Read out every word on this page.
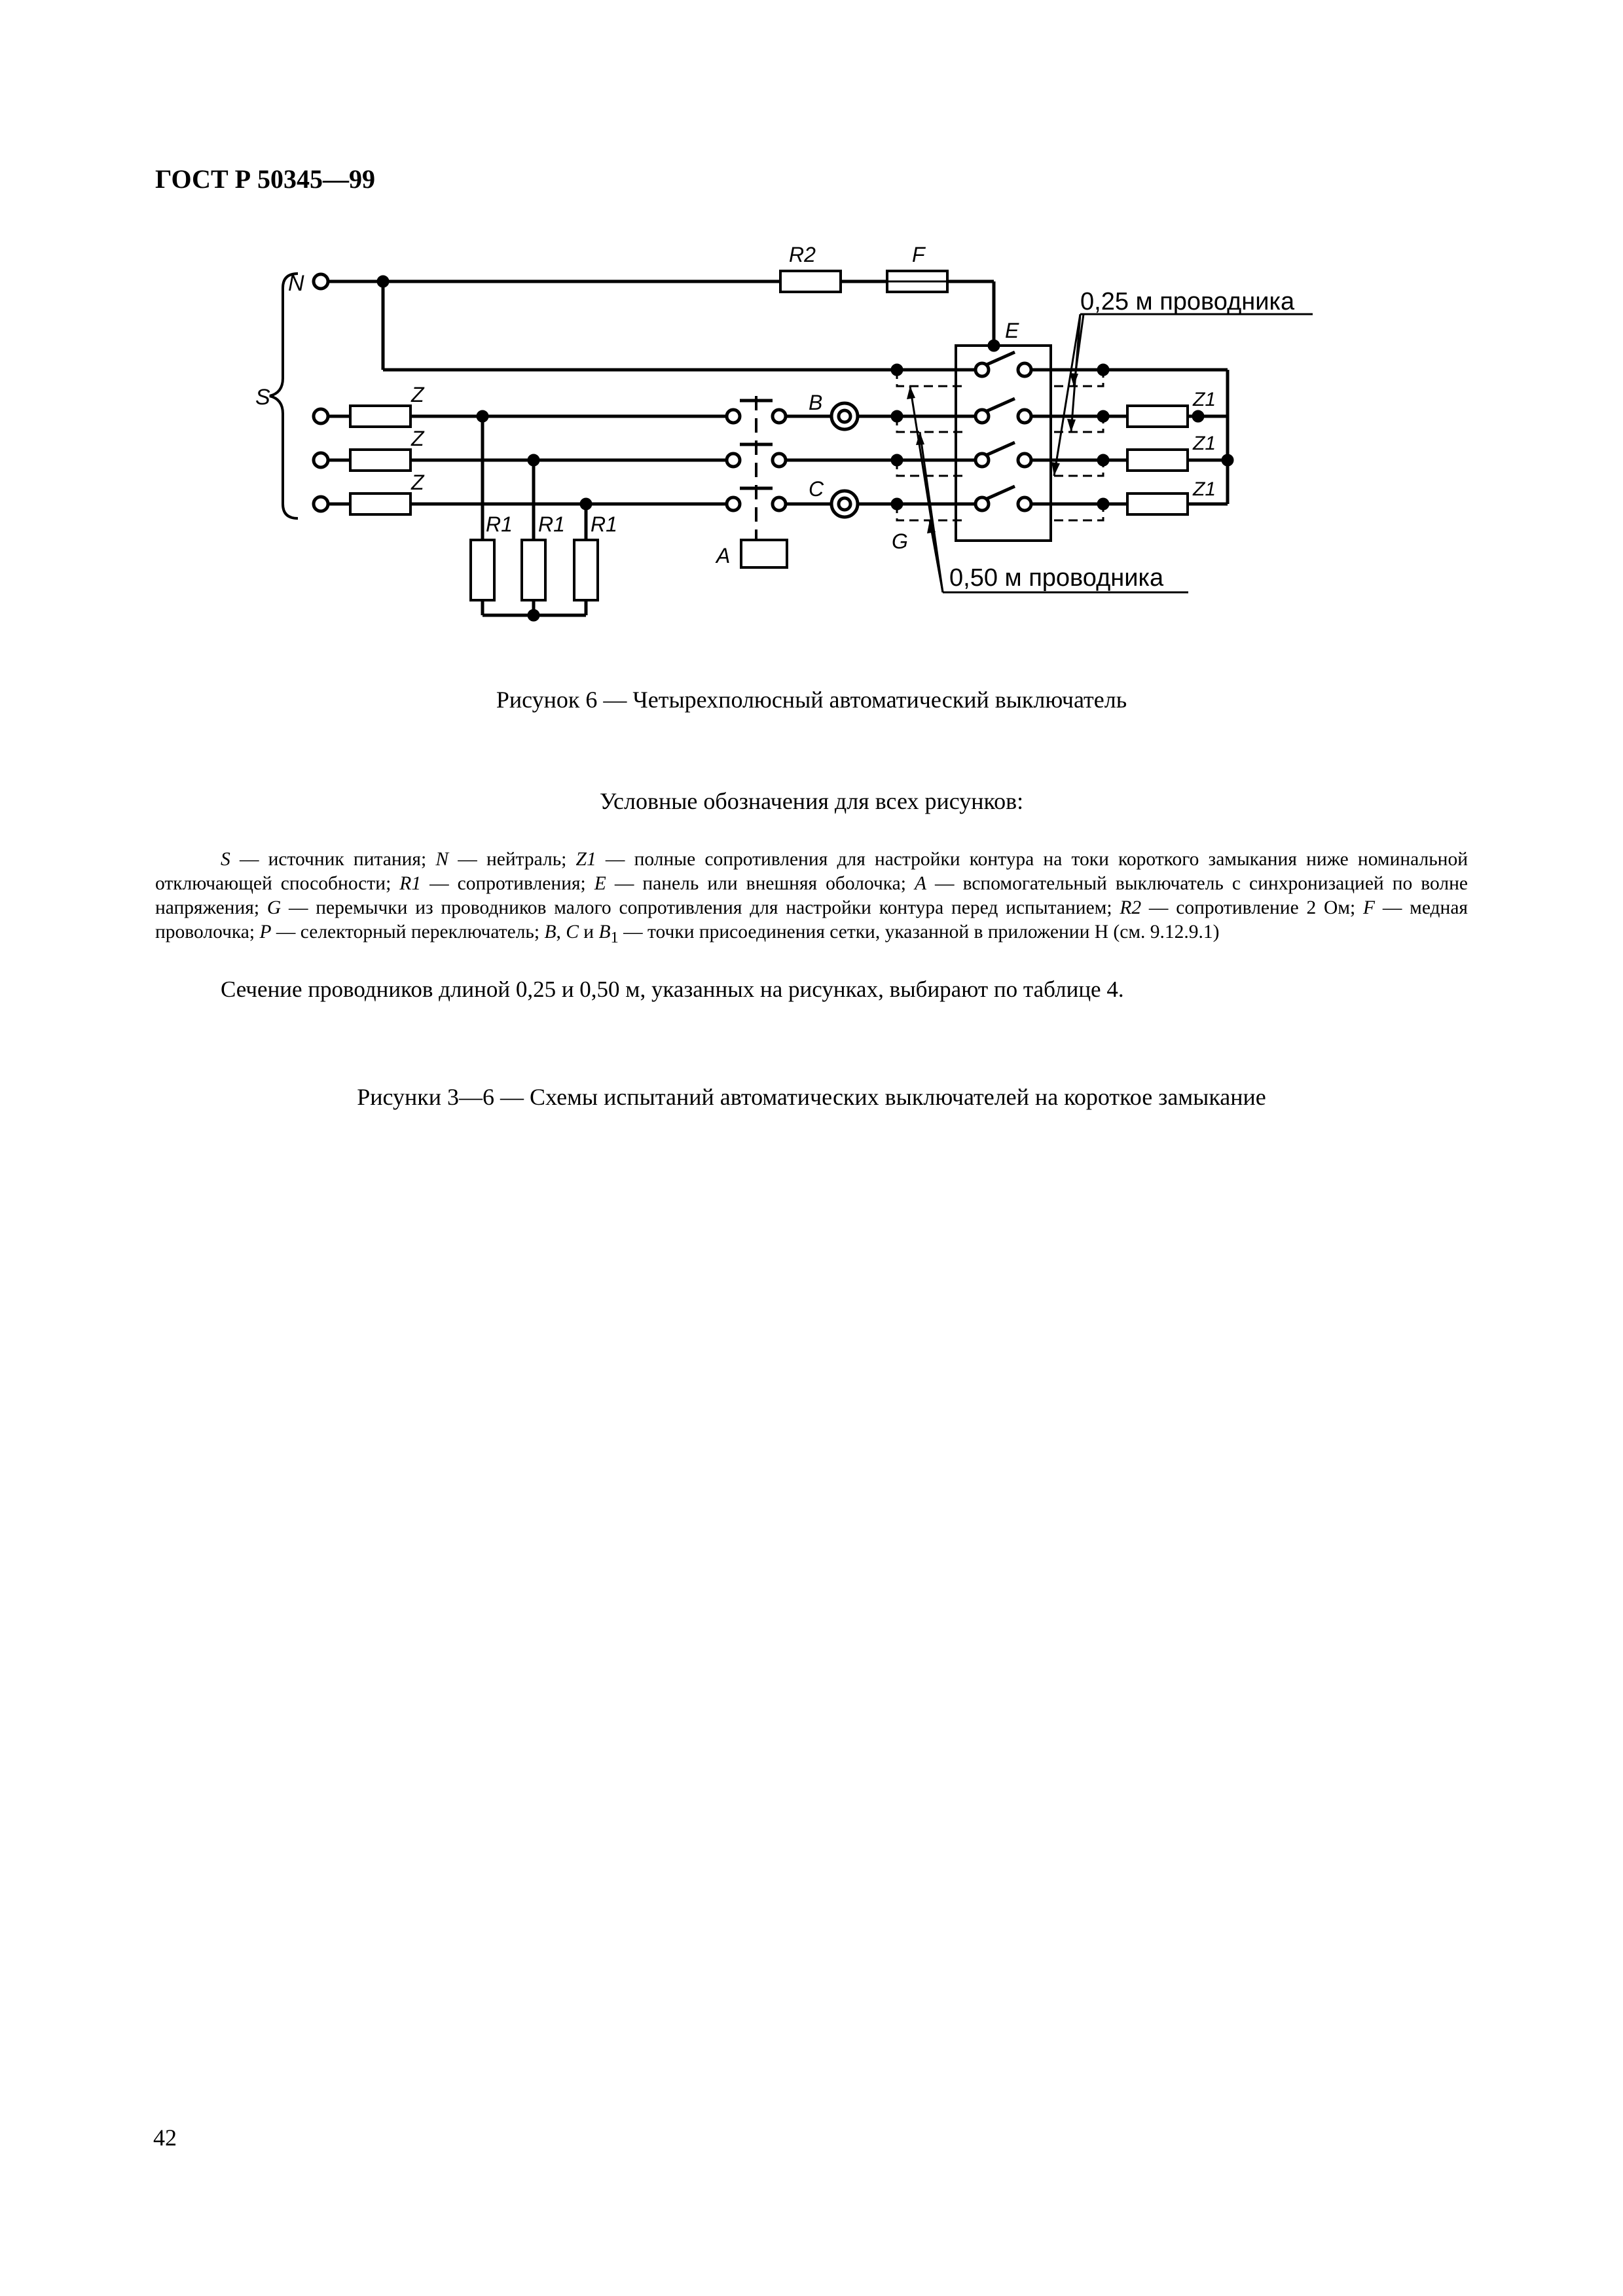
ГОСТ Р 50345—99
S
N
R2	F
E
Z
Z
Z
R1 R1 R1
A
B
C
G
Z1
Z1
Z1
0,25 м проводника
0,50 м проводника
Рисунок 6 — Четырехполюсный автоматический выключатель
Условные обозначения для всех рисунков:

S — источник питания; N — нейтраль; Z1 — полные сопротивления для настройки контура на токи короткого замыкания ниже номинальной отключающей способности; R1 — сопротивления; E — панель или внешняя оболочка; A — вспомогательный выключатель с синхронизацией по волне напряжения; G — перемычки из проводников малого сопротивления для настройки контура перед испытанием; R2 — сопротивление 2 Ом; F — медная проволочка; P — селекторный переключатель; B, C и $B_1$ — точки присоединения сетки, указанной в приложении Н (см. 9.12.9.1)

Сечение проводников длиной 0,25 и 0,50 м, указанных на рисунках, выбирают по таблице 4.

Рисунки 3—6 — Схемы испытаний автоматических выключателей на короткое замыкание
42
